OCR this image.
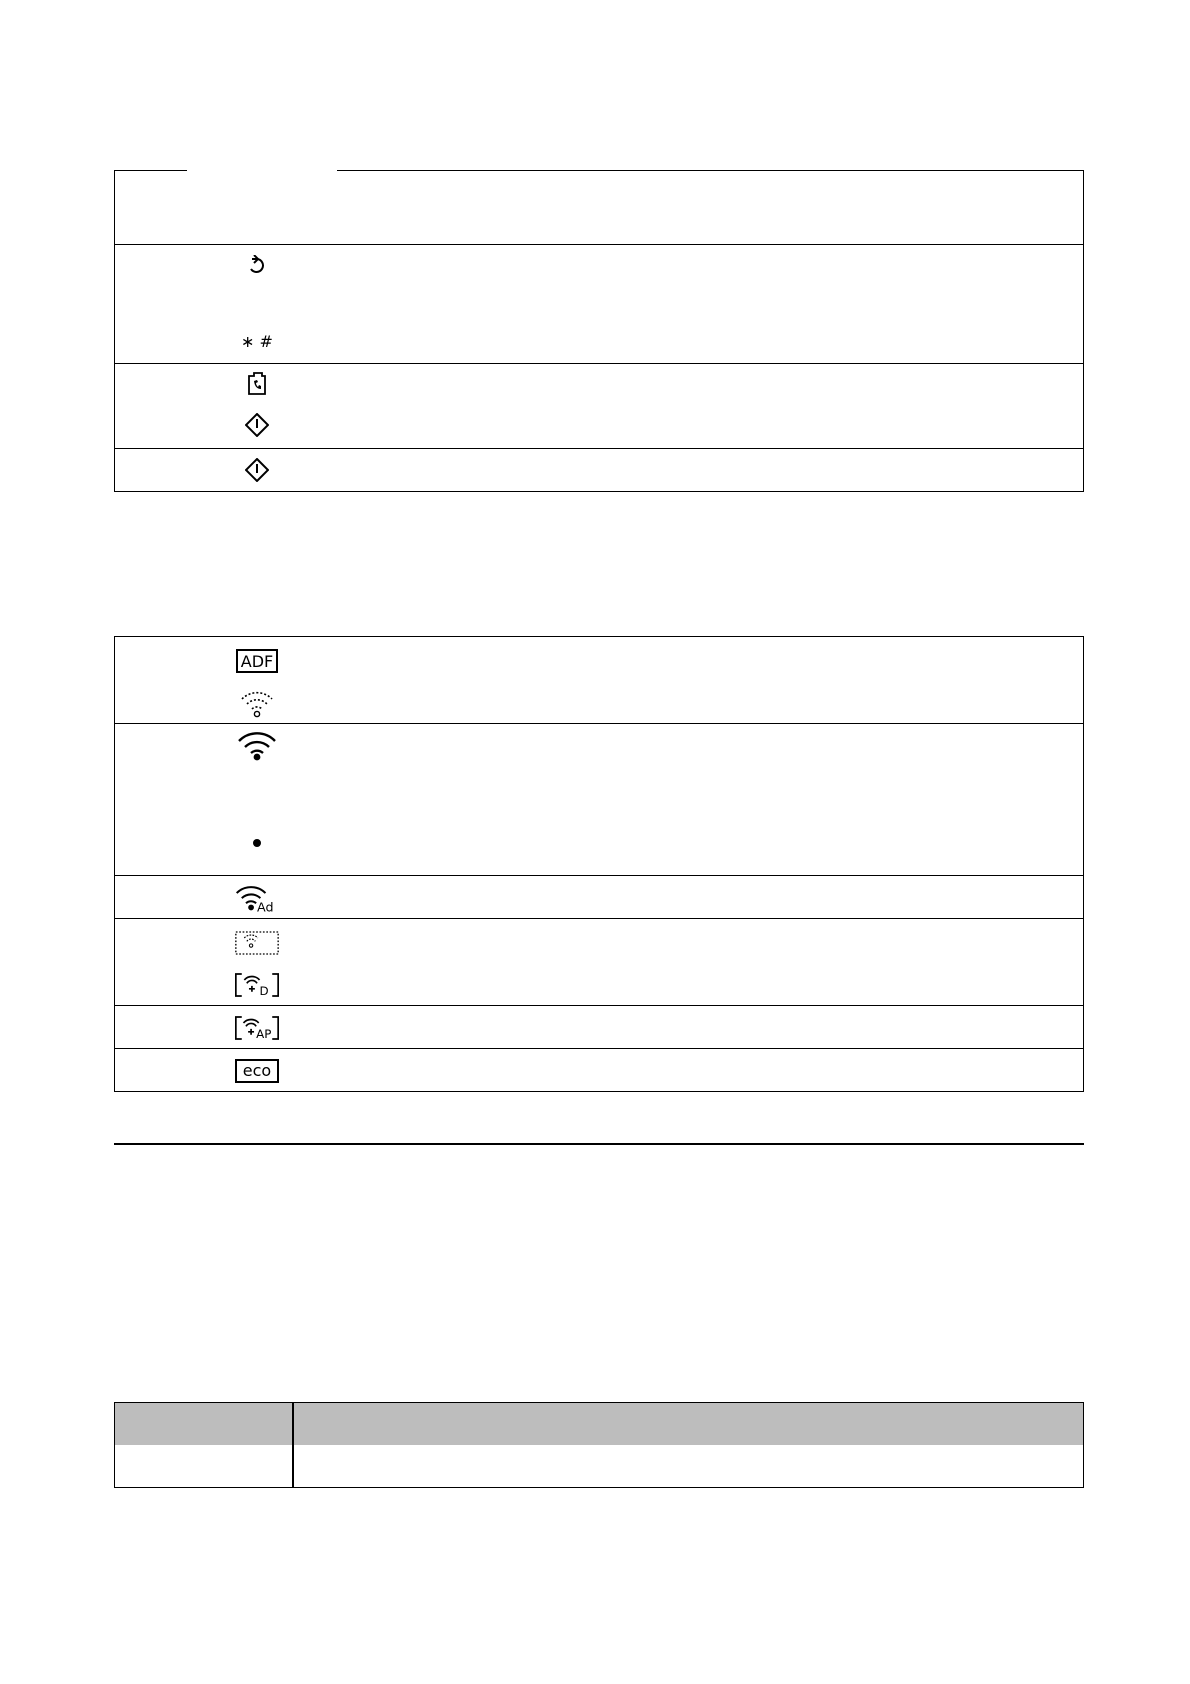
∗ #
ADF
Ad
D
AP
eco
